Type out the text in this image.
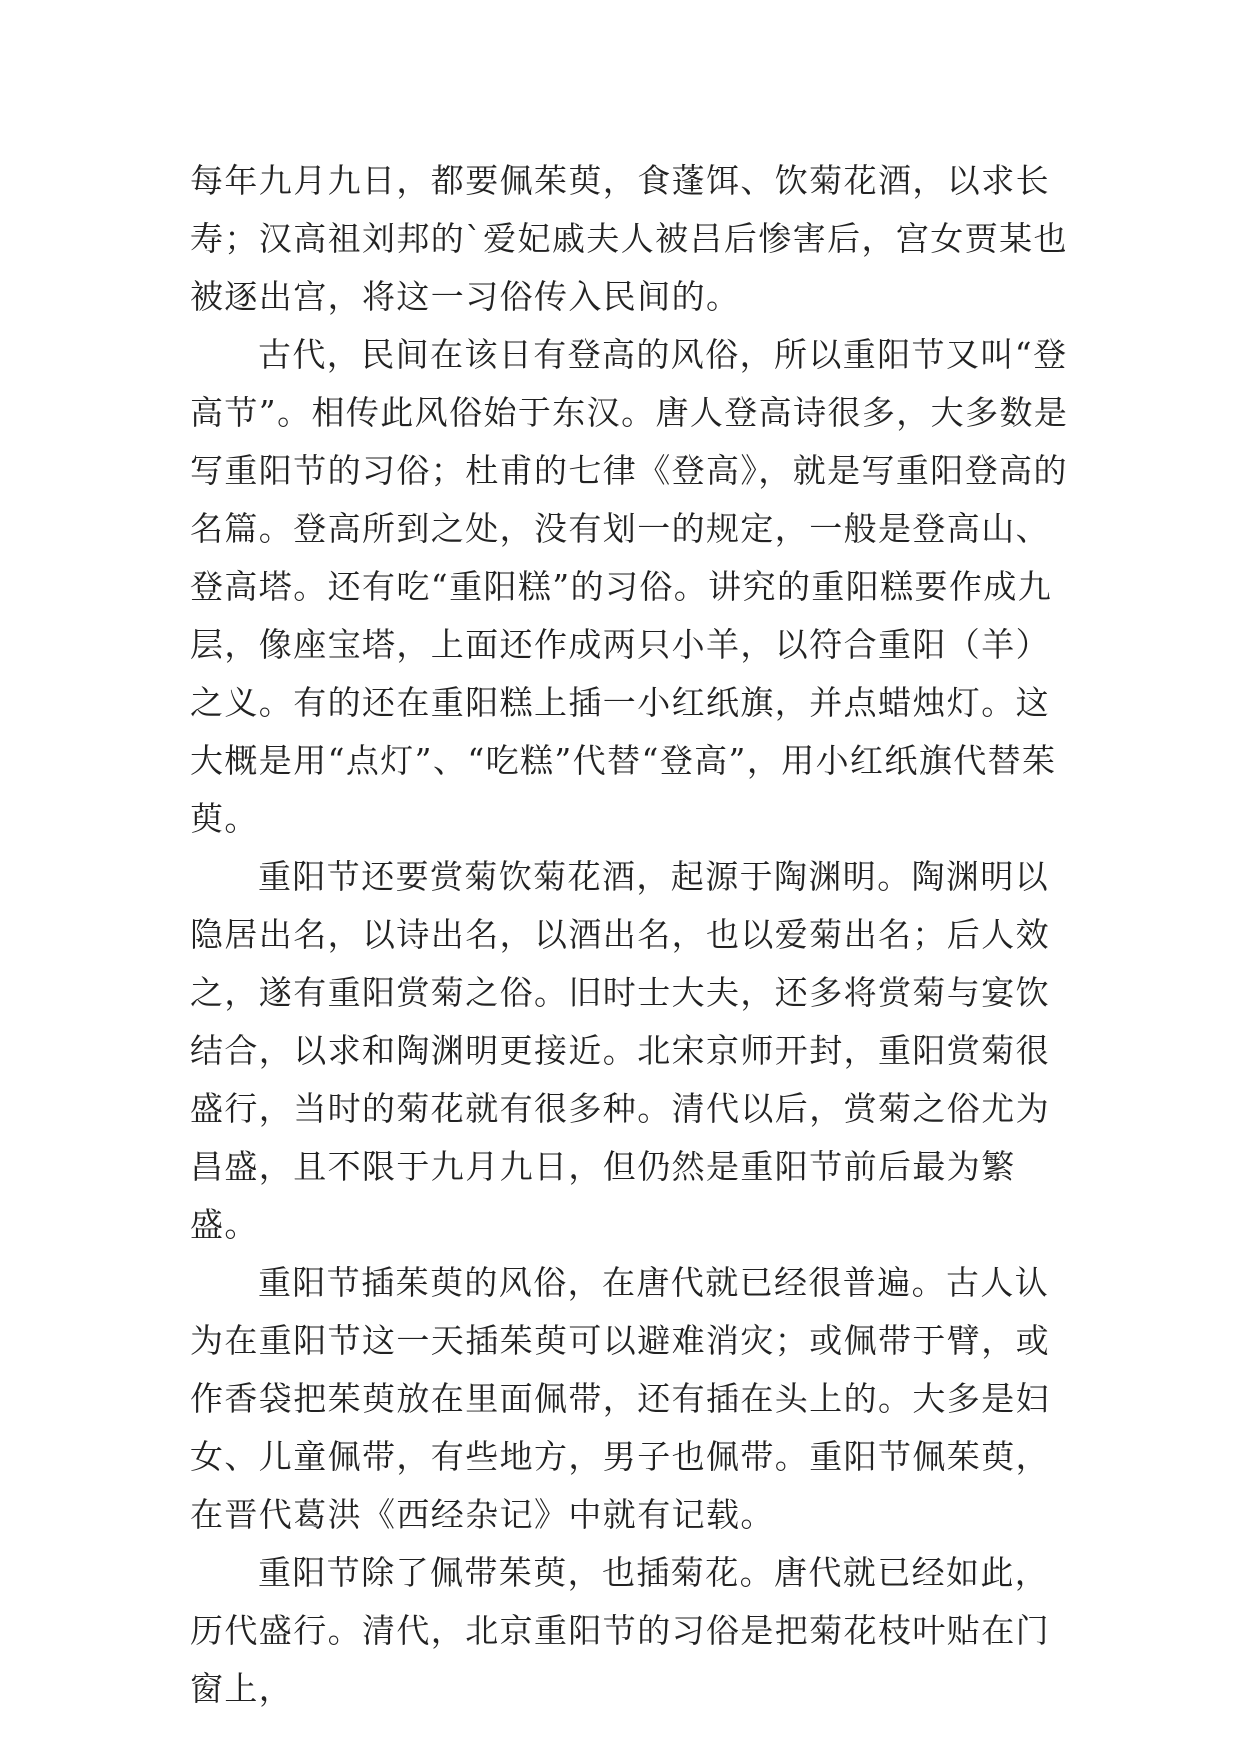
每年九月九日，都要佩茱萸，食蓬饵、饮菊花酒，以求长寿；汉高祖刘邦的`爱妃戚夫人被吕后惨害后，宫女贾某也被逐出宫，将这一习俗传入民间的。

古代，民间在该日有登高的风俗，所以重阳节又叫“登高节”。相传此风俗始于东汉。唐人登高诗很多，大多数是写重阳节的习俗；杜甫的七律《登高》，就是写重阳登高的名篇。登高所到之处，没有划一的规定，一般是登高山、登高塔。还有吃“重阳糕”的习俗。讲究的重阳糕要作成九层，像座宝塔，上面还作成两只小羊，以符合重阳（羊）之义。有的还在重阳糕上插一小红纸旗，并点蜡烛灯。这大概是用“点灯”、“吃糕”代替“登高”，用小红纸旗代替茱萸。

重阳节还要赏菊饮菊花酒，起源于陶渊明。陶渊明以隐居出名，以诗出名，以酒出名，也以爱菊出名；后人效之，遂有重阳赏菊之俗。旧时士大夫，还多将赏菊与宴饮结合，以求和陶渊明更接近。北宋京师开封，重阳赏菊很盛行，当时的菊花就有很多种。清代以后，赏菊之俗尤为昌盛，且不限于九月九日，但仍然是重阳节前后最为繁盛。

重阳节插茱萸的风俗，在唐代就已经很普遍。古人认为在重阳节这一天插茱萸可以避难消灾；或佩带于臂，或作香袋把茱萸放在里面佩带，还有插在头上的。大多是妇女、儿童佩带，有些地方，男子也佩带。重阳节佩茱萸，在晋代葛洪《西经杂记》中就有记载。

重阳节除了佩带茱萸，也插菊花。唐代就已经如此，历代盛行。清代，北京重阳节的习俗是把菊花枝叶贴在门窗上，
